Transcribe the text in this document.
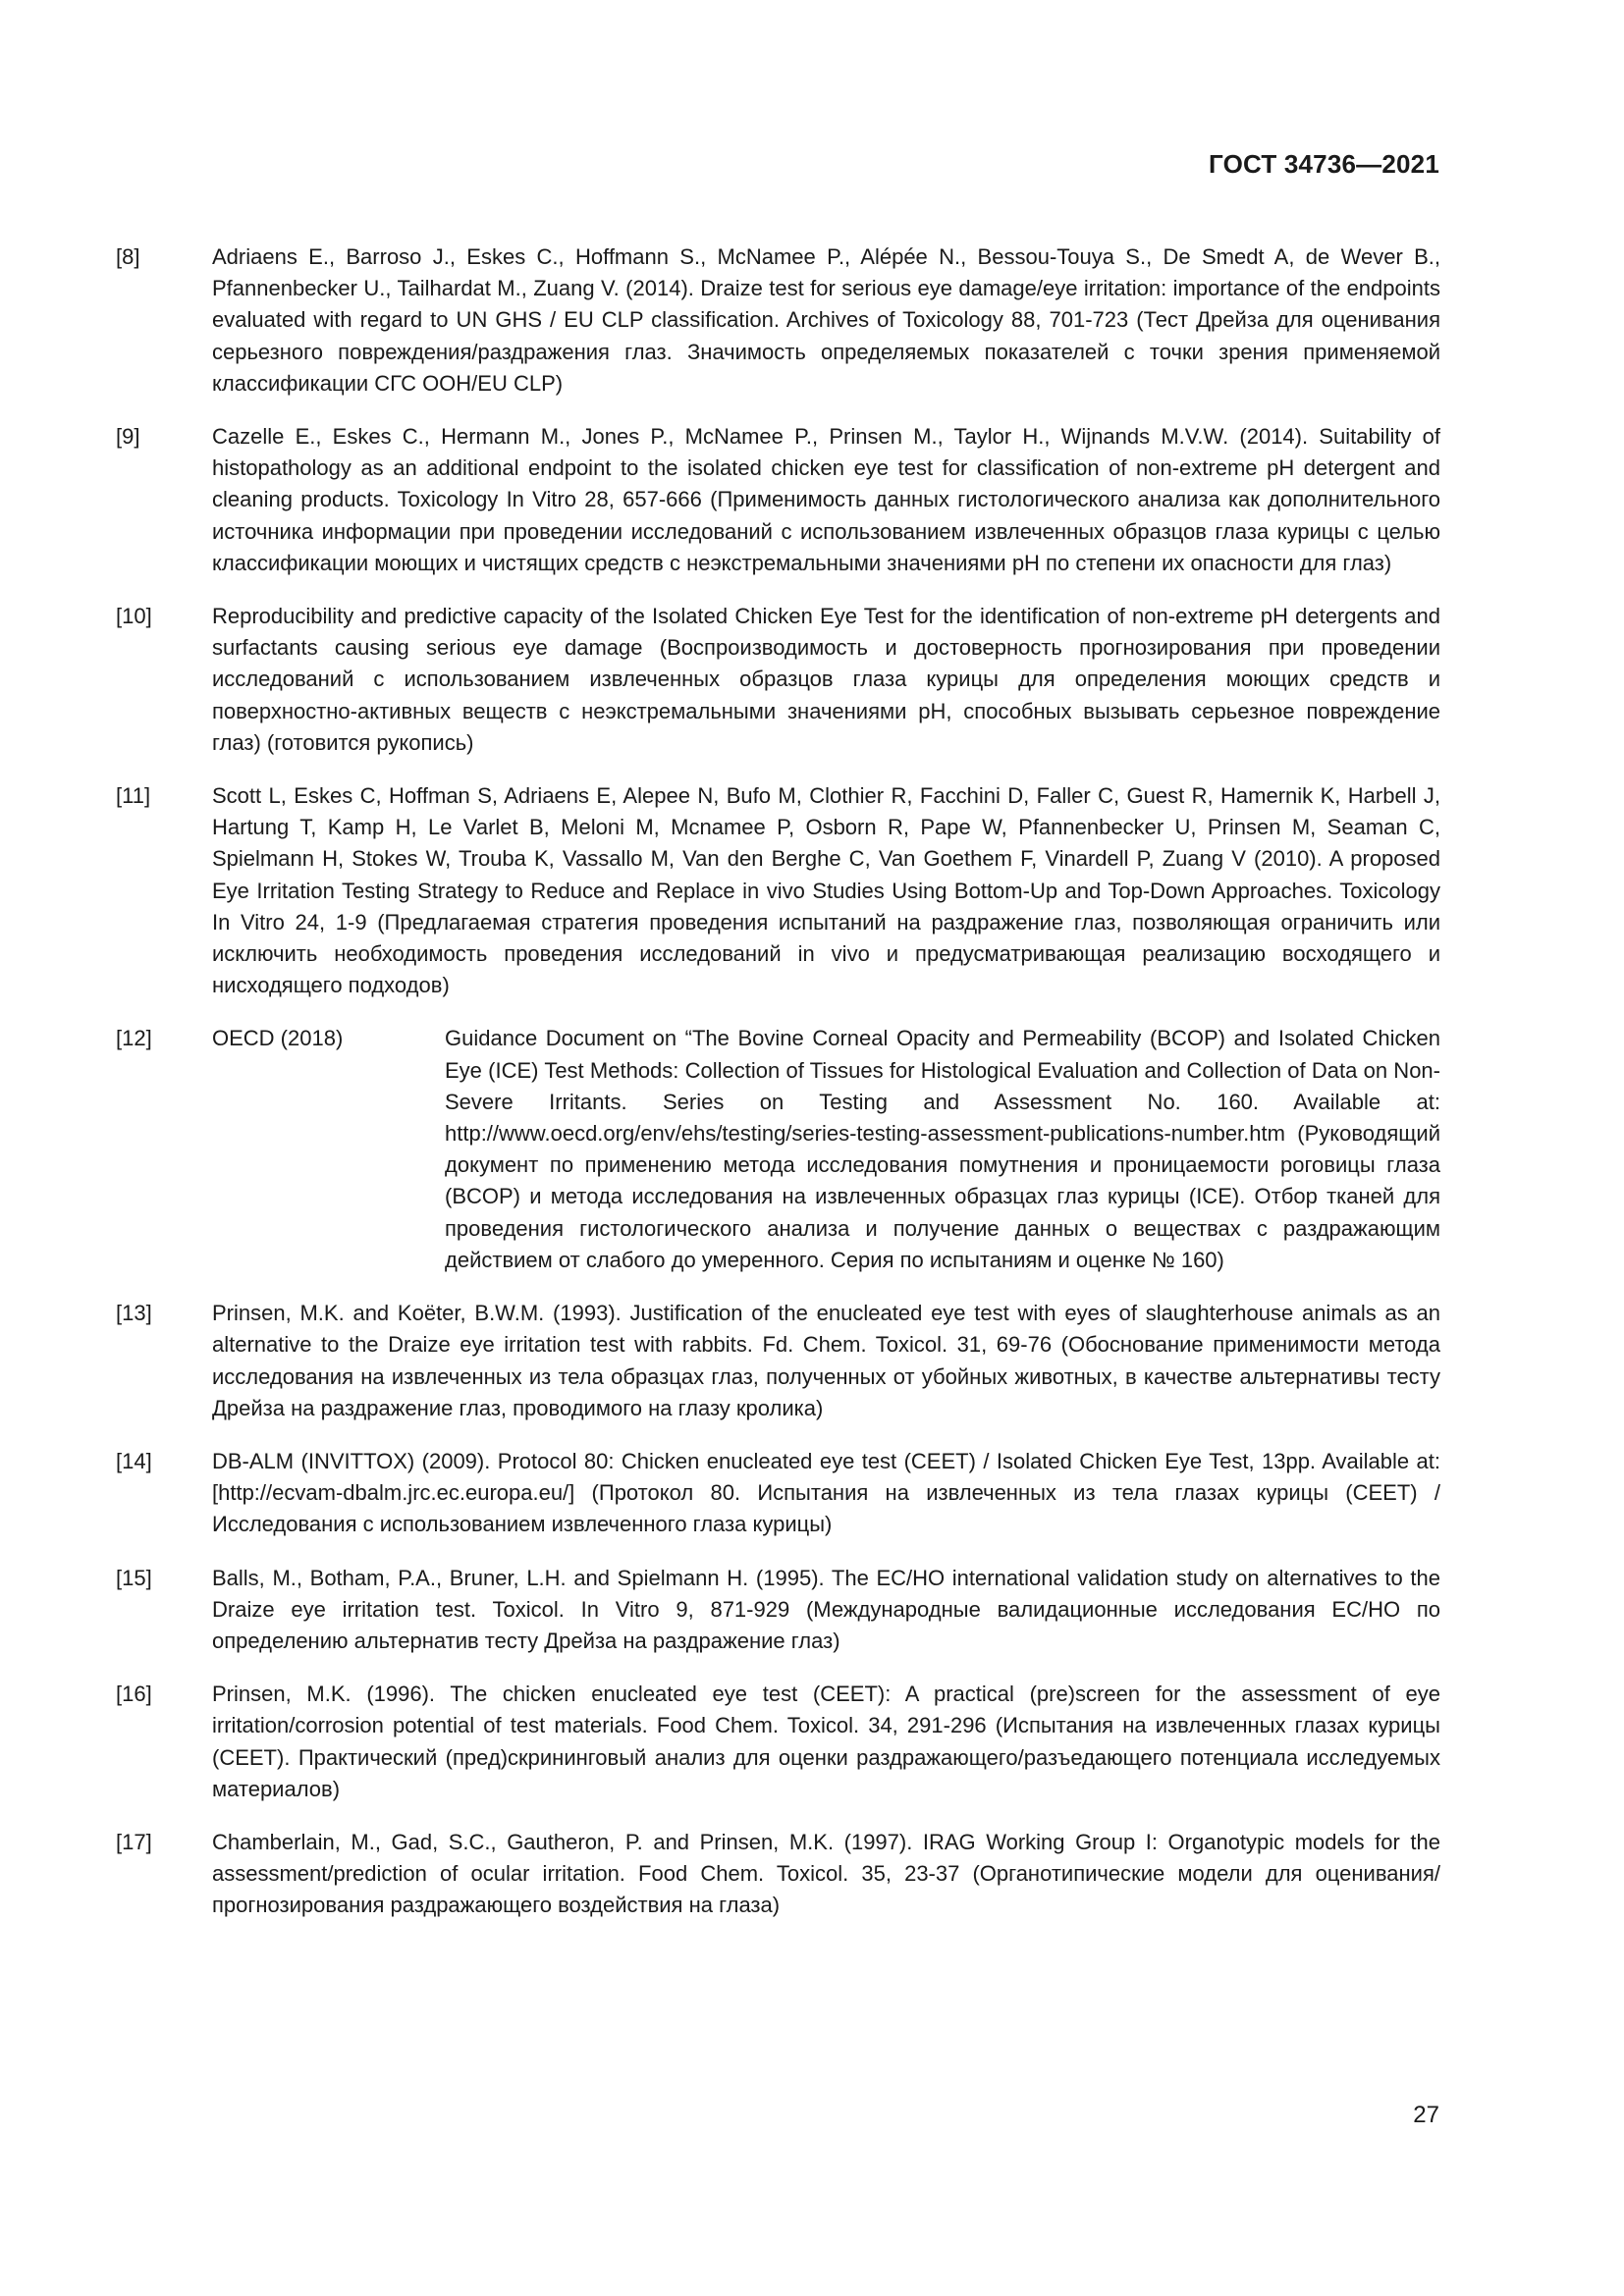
ГОСТ 34736—2021
[8]	Adriaens E., Barroso J., Eskes C., Hoffmann S., McNamee P., Alépée N., Bessou-Touya S., De Smedt A, de Wever B., Pfannenbecker U., Tailhardat M., Zuang V. (2014). Draize test for serious eye damage/eye irritation: importance of the endpoints evaluated with regard to UN GHS / EU CLP classification. Archives of Toxicology 88, 701-723 (Тест Дрейза для оценивания серьезного повреждения/раздражения глаз. Значимость определяемых показателей с точки зрения применяемой классификации СГС ООН/EU CLP)
[9]	Cazelle E., Eskes C., Hermann M., Jones P., McNamee P., Prinsen M., Taylor H., Wijnands M.V.W. (2014). Suitability of histopathology as an additional endpoint to the isolated chicken eye test for classification of non-extreme pH detergent and cleaning products. Toxicology In Vitro 28, 657-666 (Применимость данных гистологического анализа как дополнительного источника информации при проведении исследований с использованием извлеченных образцов глаза курицы с целью классификации моющих и чистящих средств с неэкстремальными значениями pH по степени их опасности для глаз)
[10]	Reproducibility and predictive capacity of the Isolated Chicken Eye Test for the identification of non-extreme pH detergents and surfactants causing serious eye damage (Воспроизводимость и достоверность прогнозирования при проведении исследований с использованием извлеченных образцов глаза курицы для определения моющих средств и поверхностно-активных веществ с неэкстремальными значениями pH, способных вызывать серьезное повреждение глаз) (готовится рукопись)
[11]	Scott L, Eskes C, Hoffman S, Adriaens E, Alepee N, Bufo M, Clothier R, Facchini D, Faller C, Guest R, Hamernik K, Harbell J, Hartung T, Kamp H, Le Varlet B, Meloni M, Mcnamee P, Osborn R, Pape W, Pfannenbecker U, Prinsen M, Seaman C, Spielmann H, Stokes W, Trouba K, Vassallo M, Van den Berghe C, Van Goethem F, Vinardell P, Zuang V (2010). A proposed Eye Irritation Testing Strategy to Reduce and Replace in vivo Studies Using Bottom-Up and Top-Down Approaches. Toxicology In Vitro 24, 1-9 (Предлагаемая стратегия проведения испытаний на раздражение глаз, позволяющая ограничить или исключить необходимость проведения исследований in vivo и предусматривающая реализацию восходящего и нисходящего подходов)
[12]	OECD (2018)	Guidance Document on “The Bovine Corneal Opacity and Permeability (BCOP) and Isolated Chicken Eye (ICE) Test Methods: Collection of Tissues for Histological Evaluation and Collection of Data on Non-Severe Irritants. Series on Testing and Assessment No. 160. Available at: http://www.oecd.org/env/ehs/testing/series-testing-assessment-publications-number.htm (Руководящий документ по применению метода исследования помутнения и проницаемости роговицы глаза (BCOP) и метода исследования на извлеченных образцах глаз курицы (ICE). Отбор тканей для проведения гистологического анализа и получение данных о веществах с раздражающим действием от слабого до умеренного. Серия по испытаниям и оценке № 160)
[13]	Prinsen, M.K. and Koëter, B.W.M. (1993). Justification of the enucleated eye test with eyes of slaughterhouse animals as an alternative to the Draize eye irritation test with rabbits. Fd. Chem. Toxicol. 31, 69-76 (Обоснование применимости метода исследования на извлеченных из тела образцах глаз, полученных от убойных животных, в качестве альтернативы тесту Дрейза на раздражение глаз, проводимого на глазу кролика)
[14]	DB-ALM (INVITTOX) (2009). Protocol 80: Chicken enucleated eye test (CEET) / Isolated Chicken Eye Test, 13pp. Available at: [http://ecvam-dbalm.jrc.ec.europa.eu/] (Протокол 80. Испытания на извлеченных из тела глазах курицы (CEET) / Исследования с использованием извлеченного глаза курицы)
[15]	Balls, M., Botham, P.A., Bruner, L.H. and Spielmann H. (1995). The EC/HO international validation study on alternatives to the Draize eye irritation test. Toxicol. In Vitro 9, 871-929 (Международные валидационные исследования EC/HO по определению альтернатив тесту Дрейза на раздражение глаз)
[16]	Prinsen, M.K. (1996). The chicken enucleated eye test (CEET): A practical (pre)screen for the assessment of eye irritation/corrosion potential of test materials. Food Chem. Toxicol. 34, 291-296 (Испытания на извлеченных глазах курицы (CEET). Практический (пред)скрининговый анализ для оценки раздражающего/разъедающего потенциала исследуемых материалов)
[17]	Chamberlain, M., Gad, S.C., Gautheron, P. and Prinsen, M.K. (1997). IRAG Working Group I: Organotypic models for the assessment/prediction of ocular irritation. Food Chem. Toxicol. 35, 23-37 (Органотипические модели для оценивания/прогнозирования раздражающего воздействия на глаза)
27
